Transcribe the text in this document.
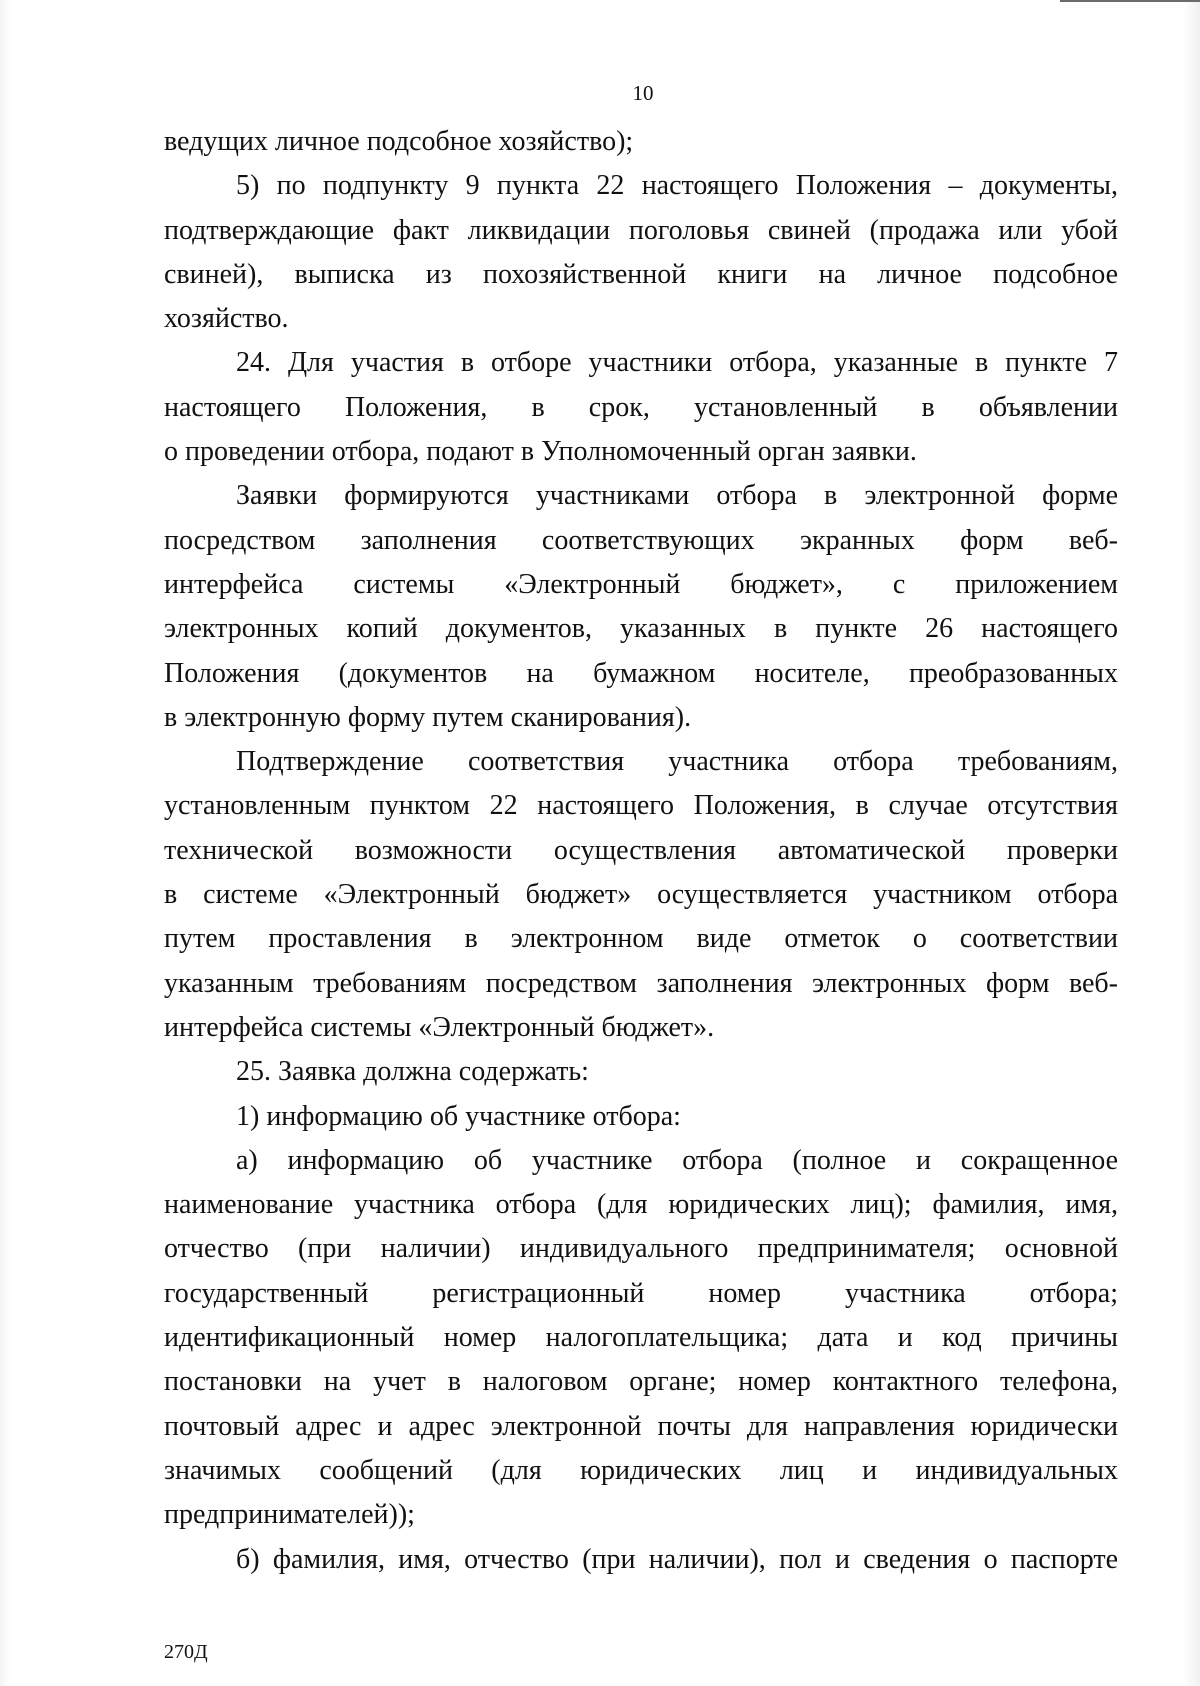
10
ведущих личное подсобное хозяйство);
5) по подпункту 9 пункта 22 настоящего Положения – документы,
подтверждающие факт ликвидации поголовья свиней (продажа или убой
свиней), выписка из похозяйственной книги на личное подсобное
хозяйство.
24. Для участия в отборе участники отбора, указанные в пункте 7
настоящего Положения, в срок, установленный в объявлении
о проведении отбора, подают в Уполномоченный орган заявки.
Заявки формируются участниками отбора в электронной форме
посредством заполнения соответствующих экранных форм веб-
интерфейса системы «Электронный бюджет», с приложением
электронных копий документов, указанных в пункте 26 настоящего
Положения (документов на бумажном носителе, преобразованных
в электронную форму путем сканирования).
Подтверждение соответствия участника отбора требованиям,
установленным пунктом 22 настоящего Положения, в случае отсутствия
технической возможности осуществления автоматической проверки
в системе «Электронный бюджет» осуществляется участником отбора
путем проставления в электронном виде отметок о соответствии
указанным требованиям посредством заполнения электронных форм веб-
интерфейса системы «Электронный бюджет».
25. Заявка должна содержать:
1) информацию об участнике отбора:
а) информацию об участнике отбора (полное и сокращенное
наименование участника отбора (для юридических лиц); фамилия, имя,
отчество (при наличии) индивидуального предпринимателя; основной
государственный регистрационный номер участника отбора;
идентификационный номер налогоплательщика; дата и код причины
постановки на учет в налоговом органе; номер контактного телефона,
почтовый адрес и адрес электронной почты для направления юридически
значимых сообщений (для юридических лиц и индивидуальных
предпринимателей));
б) фамилия, имя, отчество (при наличии), пол и сведения о паспорте
270Д
